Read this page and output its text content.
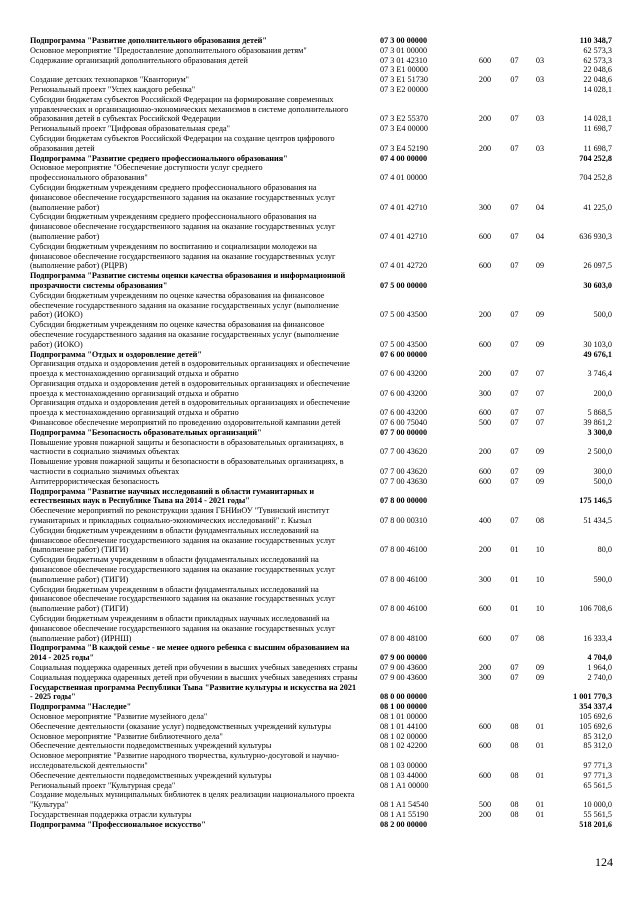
Подпрограмма "Развитие дополнительного образования детей"	07 3 00 00000	110 348,7
Основное мероприятие "Предоставление дополнительного образования детям"	07 3 01 00000	62 573,3
Содержание организаций дополнительного образования детей	07 3 01 42310	600	07	03	62 573,3
07 3 E1 00000	22 048,6
Создание детских технопарков "Кванториум"	07 3 E1 51730	200	07	03	22 048,6
Региональный проект "Успех каждого ребенка"	07 3 E2 00000	14 028,1
Субсидии бюджетам субъектов Российской Федерации на формирование современных
управленческих и организационно-экономических механизмов в системе дополнительного
образования детей в субъектах Российской Федерации	07 3 E2 55370	200	07	03	14 028,1
Региональный проект "Цифровая образовательная среда"	07 3 E4 00000	11 698,7
Субсидии бюджетам субъектов Российской Федерации на создание центров цифрового
образования детей	07 3 E4 52190	200	07	03	11 698,7
Подпрограмма "Развитие среднего профессионального образования"	07 4 00 00000	704 252,8
Основное мероприятие "Обеспечение доступности услуг среднего
профессионального образования"	07 4 01 00000	704 252,8
Субсидии бюджетным учреждениям среднего профессионального образования на
финансовое обеспечение государственного задания на оказание государственных услуг
(выполнение работ)	07 4 01 42710	300	07	04	41 225,0
Субсидии бюджетным учреждениям среднего профессионального образования на
финансовое обеспечение государственного задания на оказание государственных услуг
(выполнение работ)	07 4 01 42710	600	07	04	636 930,3
Субсидии бюджетным учреждениям по воспитанию и социализации молодежи на
финансовое обеспечение государственного задания на оказание государственных услуг
(выполнение работ) (РЦРВ)	07 4 01 42720	600	07	09	26 097,5
Подпрограмма "Развитие системы оценки качества образования и информационной
прозрачности системы образования"	07 5 00 00000	30 603,0
Субсидии бюджетным учреждениям по оценке качества образования на финансовое
обеспечение государственного задания на оказание государственных услуг (выполнение
работ) (ИОКО)	07 5 00 43500	200	07	09	500,0
Субсидии бюджетным учреждениям по оценке качества образования на финансовое
обеспечение государственного задания на оказание государственных услуг (выполнение
работ) (ИОКО)	07 5 00 43500	600	07	09	30 103,0
Подпрограмма "Отдых и оздоровление детей"	07 6 00 00000	49 676,1
Организация отдыха и оздоровления детей в оздоровительных организациях и обеспечение
проезда к местонахождению организаций отдыха и обратно	07 6 00 43200	200	07	07	3 746,4
Организация отдыха и оздоровления детей в оздоровительных организациях и обеспечение
проезда к местонахождению организаций отдыха и обратно	07 6 00 43200	300	07	07	200,0
Организация отдыха и оздоровления детей в оздоровительных организациях и обеспечение
проезда к местонахождению организаций отдыха и обратно	07 6 00 43200	600	07	07	5 868,5
Финансовое обеспечение мероприятий по проведению оздоровительной кампании детей	07 6 00 75040	500	07	07	39 861,2
Подпрограмма "Безопасность образовательных организаций"	07 7 00 00000	3 300,0
Повышение уровня пожарной защиты и безопасности в образовательных организациях, в
частности в социально значимых объектах	07 7 00 43620	200	07	09	2 500,0
Повышение уровня пожарной защиты и безопасности в образовательных организациях, в
частности в социально значимых объектах	07 7 00 43620	600	07	09	300,0
Антитеррористическая безопасность	07 7 00 43630	600	07	09	500,0
Подпрограмма "Развитие научных исследований в области гуманитарных и
естественных наук в Республике Тыва на 2014 - 2021 годы"	07 8 00 00000	175 146,5
Обеспечение мероприятий по реконструкции здания ГБНИиОУ "Тувинский институт
гуманитарных и прикладных социально-экономических исследований" г. Кызыл	07 8 00 00310	400	07	08	51 434,5
Субсидии бюджетным учреждениям в области фундаментальных исследований на
финансовое обеспечение государственного задания на оказание государственных услуг
(выполнение работ) (ТИГИ)	07 8 00 46100	200	01	10	80,0
Субсидии бюджетным учреждениям в области фундаментальных исследований на
финансовое обеспечение государственного задания на оказание государственных услуг
(выполнение работ) (ТИГИ)	07 8 00 46100	300	01	10	590,0
Субсидии бюджетным учреждениям в области фундаментальных исследований на
финансовое обеспечение государственного задания на оказание государственных услуг
(выполнение работ) (ТИГИ)	07 8 00 46100	600	01	10	106 708,6
Субсидии бюджетным учреждениям в области прикладных научных исследований на
финансовое обеспечение государственного задания на оказание государственных услуг
(выполнение работ) (ИРНШ)	07 8 00 48100	600	07	08	16 333,4
Подпрограмма "В каждой семье - не менее одного ребенка с высшим образованием на
2014 - 2025 годы"	07 9 00 00000	4 704,0
Социальная поддержка одаренных детей при обучении в высших учебных заведениях страны	07 9 00 43600	200	07	09	1 964,0
Социальная поддержка одаренных детей при обучении в высших учебных заведениях страны	07 9 00 43600	300	07	09	2 740,0
Государственная программа Республики Тыва "Развитие культуры и искусства на 2021
- 2025 годы"	08 0 00 00000	1 001 770,3
Подпрограмма "Наследие"	08 1 00 00000	354 337,4
Основное мероприятие "Развитие музейного дела"	08 1 01 00000	105 692,6
Обеспечение деятельности (оказание услуг) подведомственных учреждений культуры	08 1 01 44100	600	08	01	105 692,6
Основное мероприятие "Развитие библиотечного дела"	08 1 02 00000	85 312,0
Обеспечение деятельности подведомственных учреждений культуры	08 1 02 42200	600	08	01	85 312,0
Основное мероприятие "Развитие народного творчества, культурно-досуговой и научно-
исследовательской деятельности"	08 1 03 00000	97 771,3
Обеспечение деятельности подведомственных учреждений культуры	08 1 03 44000	600	08	01	97 771,3
Региональный проект "Культурная среда"	08 1 A1 00000	65 561,5
Создание модельных муниципальных библиотек в целях реализации национального проекта
"Культура"	08 1 A1 54540	500	08	01	10 000,0
Государственная поддержка отрасли культуры	08 1 A1 55190	200	08	01	55 561,5
Подпрограмма "Профессиональное искусство"	08 2 00 00000	518 201,6
124
